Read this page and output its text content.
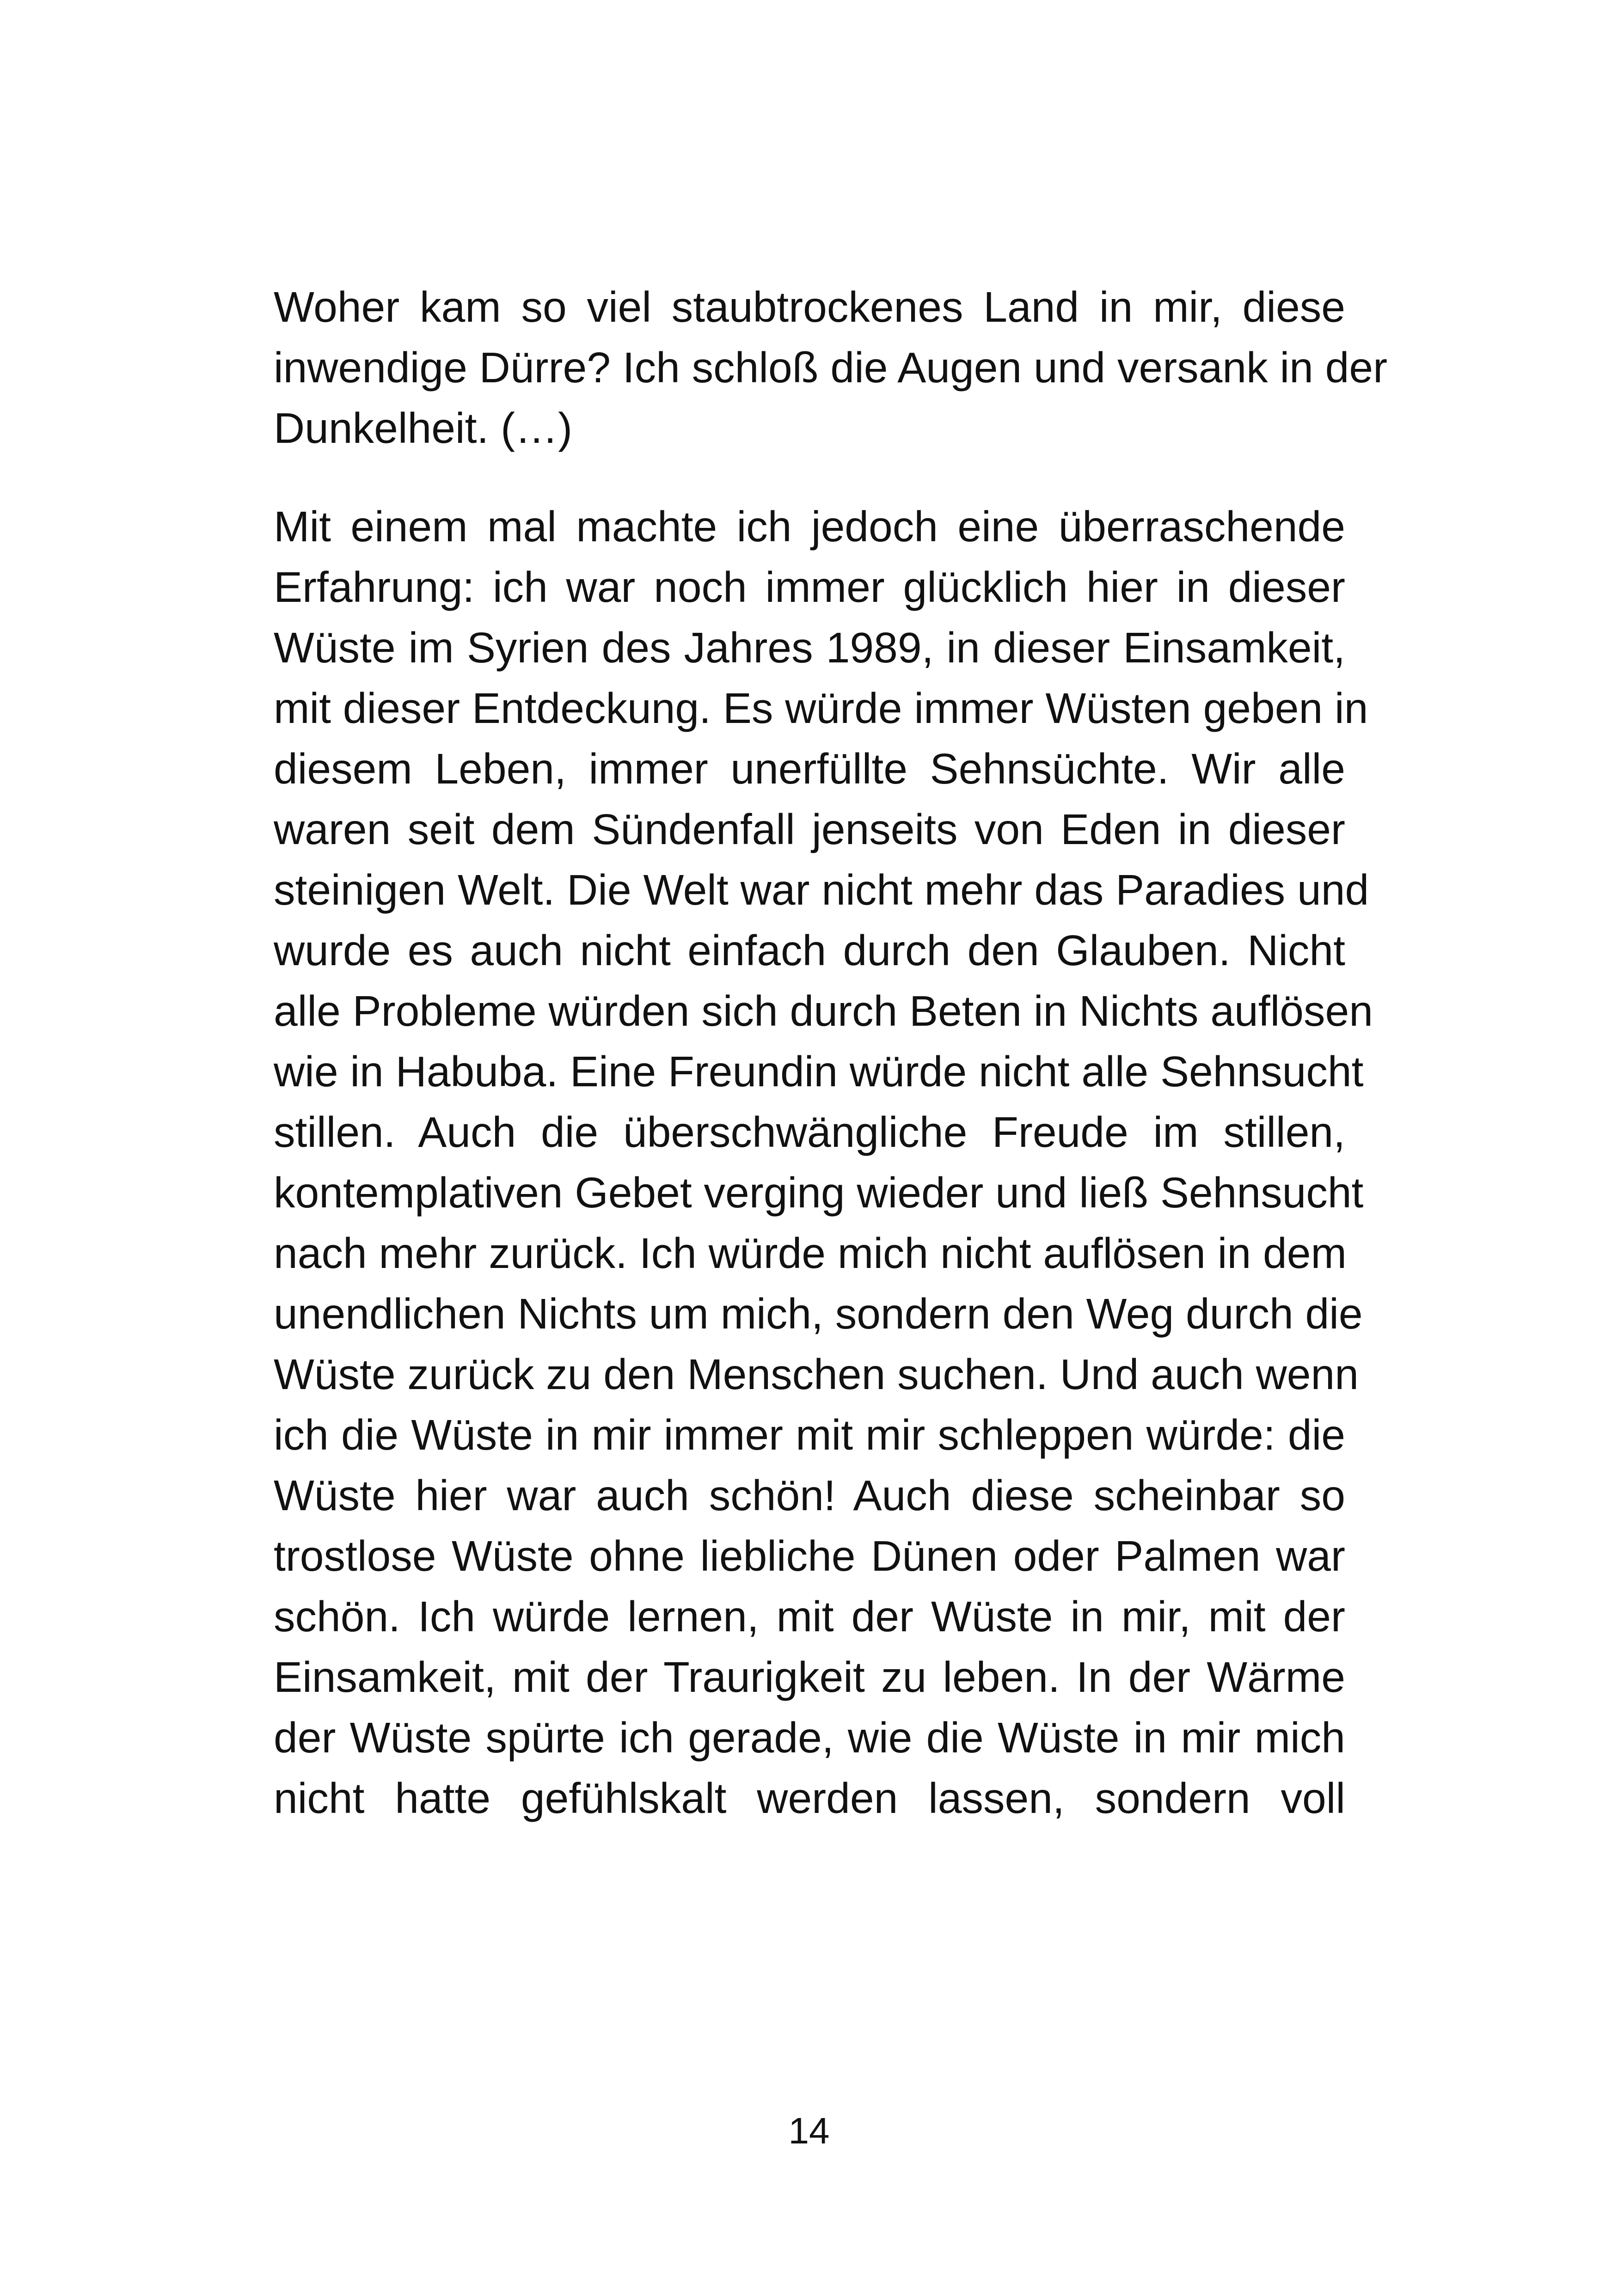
Woher kam so viel staubtrockenes Land in mir, diese
inwendige Dürre? Ich schloß die Augen und versank in der
Dunkelheit. (…)
Mit einem mal machte ich jedoch eine überraschende
Erfahrung: ich war noch immer glücklich hier in dieser
Wüste im Syrien des Jahres 1989, in dieser Einsamkeit,
mit dieser Entdeckung. Es würde immer Wüsten geben in
diesem Leben, immer unerfüllte Sehnsüchte. Wir alle
waren seit dem Sündenfall jenseits von Eden in dieser
steinigen Welt. Die Welt war nicht mehr das Paradies und
wurde es auch nicht einfach durch den Glauben. Nicht
alle Probleme würden sich durch Beten in Nichts auflösen
wie in Habuba. Eine Freundin würde nicht alle Sehnsucht
stillen. Auch die überschwängliche Freude im stillen,
kontemplativen Gebet verging wieder und ließ Sehnsucht
nach mehr zurück. Ich würde mich nicht auflösen in dem
unendlichen Nichts um mich, sondern den Weg durch die
Wüste zurück zu den Menschen suchen. Und auch wenn
ich die Wüste in mir immer mit mir schleppen würde: die
Wüste hier war auch schön! Auch diese scheinbar so
trostlose Wüste ohne liebliche Dünen oder Palmen war
schön. Ich würde lernen, mit der Wüste in mir, mit der
Einsamkeit, mit der Traurigkeit zu leben. In der Wärme
der Wüste spürte ich gerade, wie die Wüste in mir mich
nicht hatte gefühlskalt werden lassen, sondern voll
14
